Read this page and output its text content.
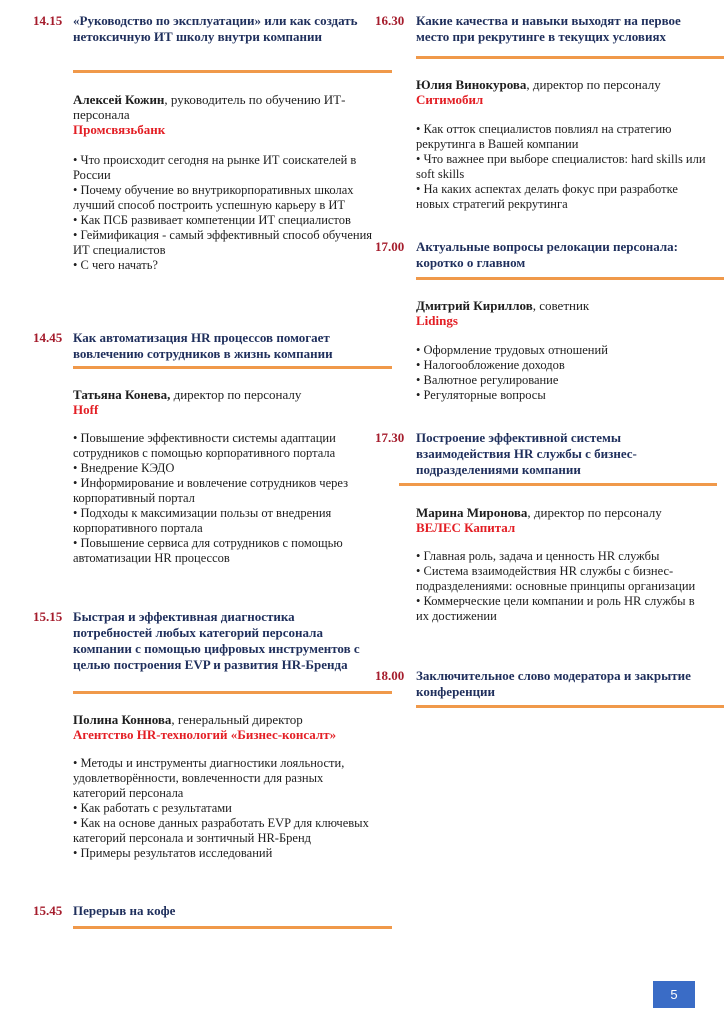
14.15 «Руководство по эксплуатации» или как создать нетоксичную ИТ школу внутри компании
Алексей Кожин, руководитель по обучению ИТ-персонала
Промсвязьбанк
• Что происходит сегодня на рынке ИТ соискателей в России
• Почему обучение во внутрикорпоративных школах лучший способ построить успешную карьеру в ИТ
• Как ПСБ развивает компетенции ИТ специалистов
• Геймификация - самый эффективный способ обучения ИТ специалистов
• С чего начать?
14.45 Как автоматизация HR процессов помогает вовлечению сотрудников в жизнь компании
Татьяна Конева, директор по персоналу
Hoff
• Повышение эффективности системы адаптации сотрудников с помощью корпоративного портала
• Внедрение КЭДО
• Информирование и вовлечение сотрудников через корпоративный портал
• Подходы к максимизации пользы от внедрения корпоративного портала
• Повышение сервиса для сотрудников с помощью автоматизации HR процессов
15.15 Быстрая и эффективная диагностика потребностей любых категорий персонала компании с помощью цифровых инструментов с целью построения EVP и развития HR-Бренда
Полина Коннова, генеральный директор
Агентство HR-технологий «Бизнес-консалт»
• Методы и инструменты диагностики лояльности, удовлетворённости, вовлеченности для разных категорий персонала
• Как работать с результатами
• Как на основе данных разработать EVP для ключевых категорий персонала и зонтичный HR-Бренд
• Примеры результатов исследований
15.45 Перерыв на кофе
16.30 Какие качества и навыки выходят на первое место при рекрутинге в текущих условиях
Юлия Винокурова, директор по персоналу
Ситимобил
• Как отток специалистов повлиял на стратегию рекрутинга в Вашей компании
• Что важнее при выборе специалистов: hard skills или soft skills
• На каких аспектах делать фокус при разработке новых стратегий рекрутинга
17.00 Актуальные вопросы релокации персонала: коротко о главном
Дмитрий Кириллов, советник
Lidings
• Оформление трудовых отношений
• Налогообложение доходов
• Валютное регулирование
• Регуляторные вопросы
17.30 Построение эффективной системы взаимодействия HR службы с бизнес-подразделениями компании
Марина Миронова, директор по персоналу
ВЕЛЕС Капитал
• Главная роль, задача и ценность HR службы
• Система взаимодействия HR службы с бизнес-подразделениями: основные принципы организации
• Коммерческие цели компании и роль HR службы в их достижении
18.00 Заключительное слово модератора и закрытие конференции
5
